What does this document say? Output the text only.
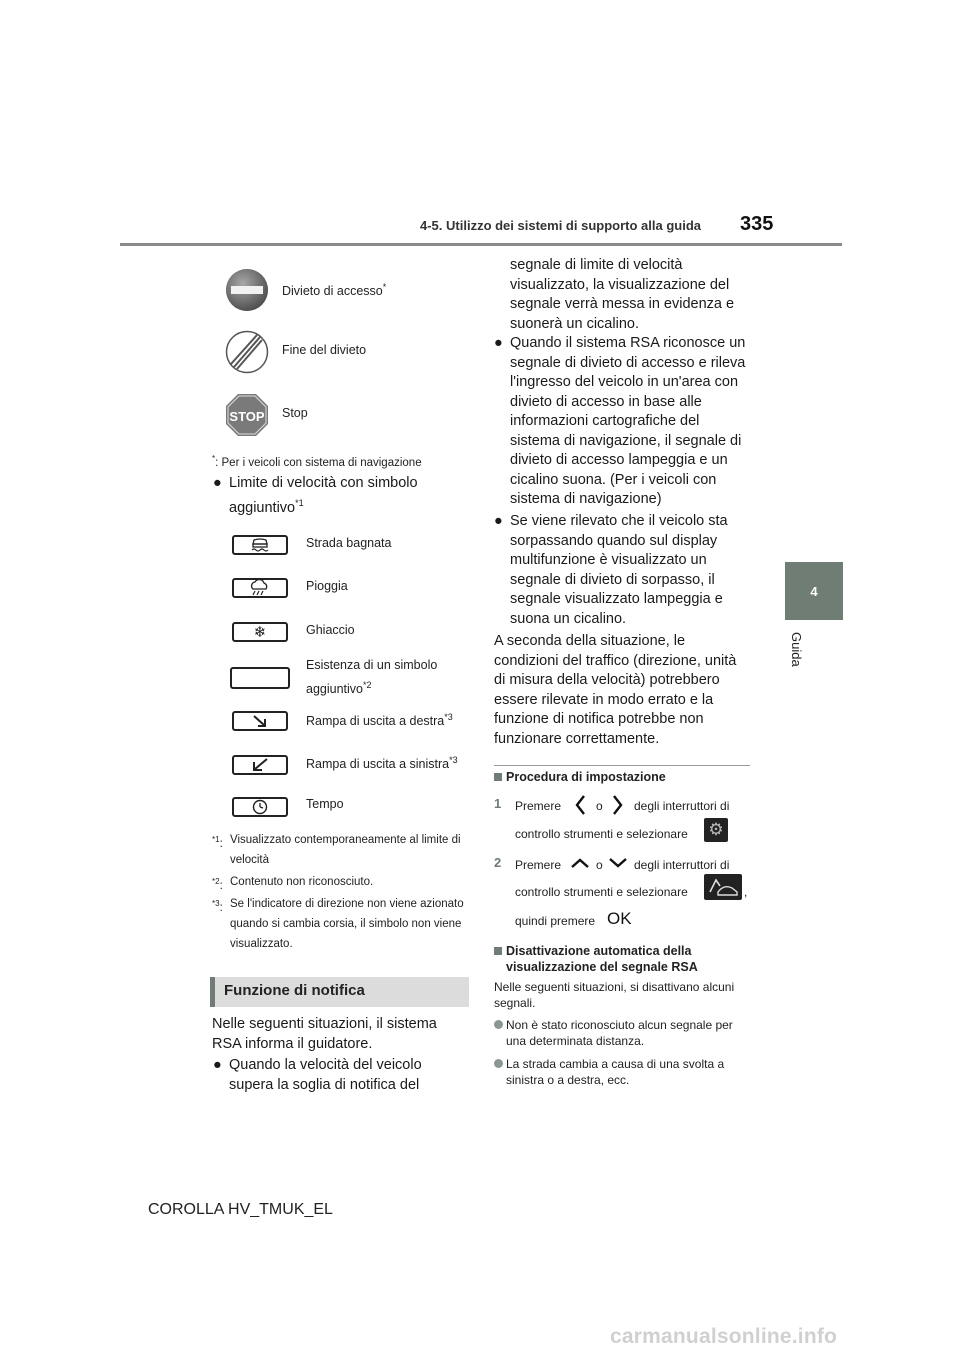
4-5. Utilizzo dei sistemi di supporto alla guida 335
4
Guida
Divieto di accesso*
Fine del divieto
STOP Stop
*: Per i veicoli con sistema di navigazione
● Limite di velocità con simbolo aggiuntivo$^{*1}$
Strada bagnata
Pioggia
❄	Ghiaccio
Esistenza di un simbolo aggiuntivo$^{*2}$
Rampa di uscita a destra$^{*3}$
Rampa di uscita a sinistra$^{*3}$
Tempo
$^{*1}$: Visualizzato contemporaneamente al limite di velocità
$^{*2}$: Contenuto non riconosciuto.
$^{*3}$: Se l'indicatore di direzione non viene azionato quando si cambia corsia, il simbolo non viene visualizzato.
Funzione di notifica
Nelle seguenti situazioni, il sistema RSA informa il guidatore.
● Quando la velocità del veicolo supera la soglia di notifica del
segnale di limite di velocità visualizzato, la visualizzazione del segnale verrà messa in evidenza e suonerà un cicalino.
● Quando il sistema RSA riconosce un segnale di divieto di accesso e rileva l'ingresso del veicolo in un'area con divieto di accesso in base alle informazioni cartografiche del sistema di navigazione, il segnale di divieto di accesso lampeggia e un cicalino suona. (Per i veicoli con sistema di navigazione)
● Se viene rilevato che il veicolo sta sorpassando quando sul display multifunzione è visualizzato un segnale di divieto di sorpasso, il segnale visualizzato lampeggia e suona un cicalino.
A seconda della situazione, le condizioni del traffico (direzione, unità di misura della velocità) potrebbero essere rilevate in modo errato e la funzione di notifica potrebbe non funzionare correttamente.
Procedura di impostazione
1 Premere	o	degli interruttori di
controllo strumenti e selezionare ⚙
2 Premere	o	degli interruttori di
controllo strumenti e selezionare	,
quindi premere OK
Disattivazione automatica della visualizzazione del segnale RSA
Nelle seguenti situazioni, si disattivano alcuni segnali.
Non è stato riconosciuto alcun segnale per una determinata distanza.
La strada cambia a causa di una svolta a sinistra o a destra, ecc.
COROLLA HV_TMUK_EL
carmanualsonline.info
